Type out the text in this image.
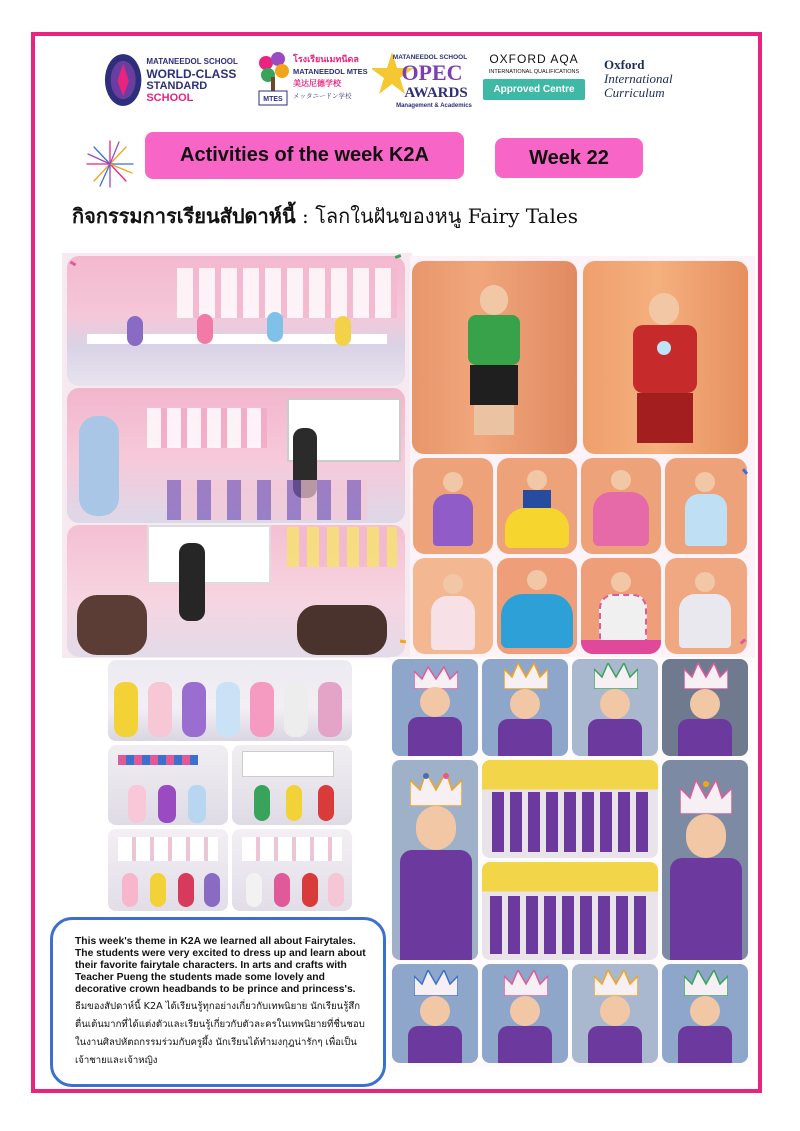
MATANEEDOL SCHOOL
WORLD-CLASS
STANDARD SCHOOL	MTES
โรงเรียนเมทนีดล
MATANEEDOL MTES
美达尼德学校
メッタニードン学校
MATANEEDOL SCHOOL
OPEC
AWARDS
Management & Academics
OXFORD AQA
INTERNATIONAL QUALIFICATIONS
Approved Centre
Oxford
International
Curriculum
Activities of the week K2A	Week 22
กิจกรรมการเรียนสัปดาห์นี้ : โลกในฝันของหนู Fairy Tales

This week's theme in K2A we learned all about Fairytales. The students were very excited to dress up and learn about their favorite fairytale characters. In arts and crafts with Teacher Pueng the students made some lovely and decorative crown headbands to be prince and princess's.

ธีมของสัปดาห์นี้ K2A ได้เรียนรู้ทุกอย่างเกี่ยวกับเทพนิยาย นักเรียนรู้สึกตื่นเต้นมากที่ได้แต่งตัวและเรียนรู้เกี่ยวกับตัวละครในเทพนิยายที่ชื่นชอบ ในงานศิลปหัตถกรรมร่วมกับครูผึ้ง นักเรียนได้ทำมงกุฎน่ารักๆ เพื่อเป็นเจ้าชายและเจ้าหญิง
